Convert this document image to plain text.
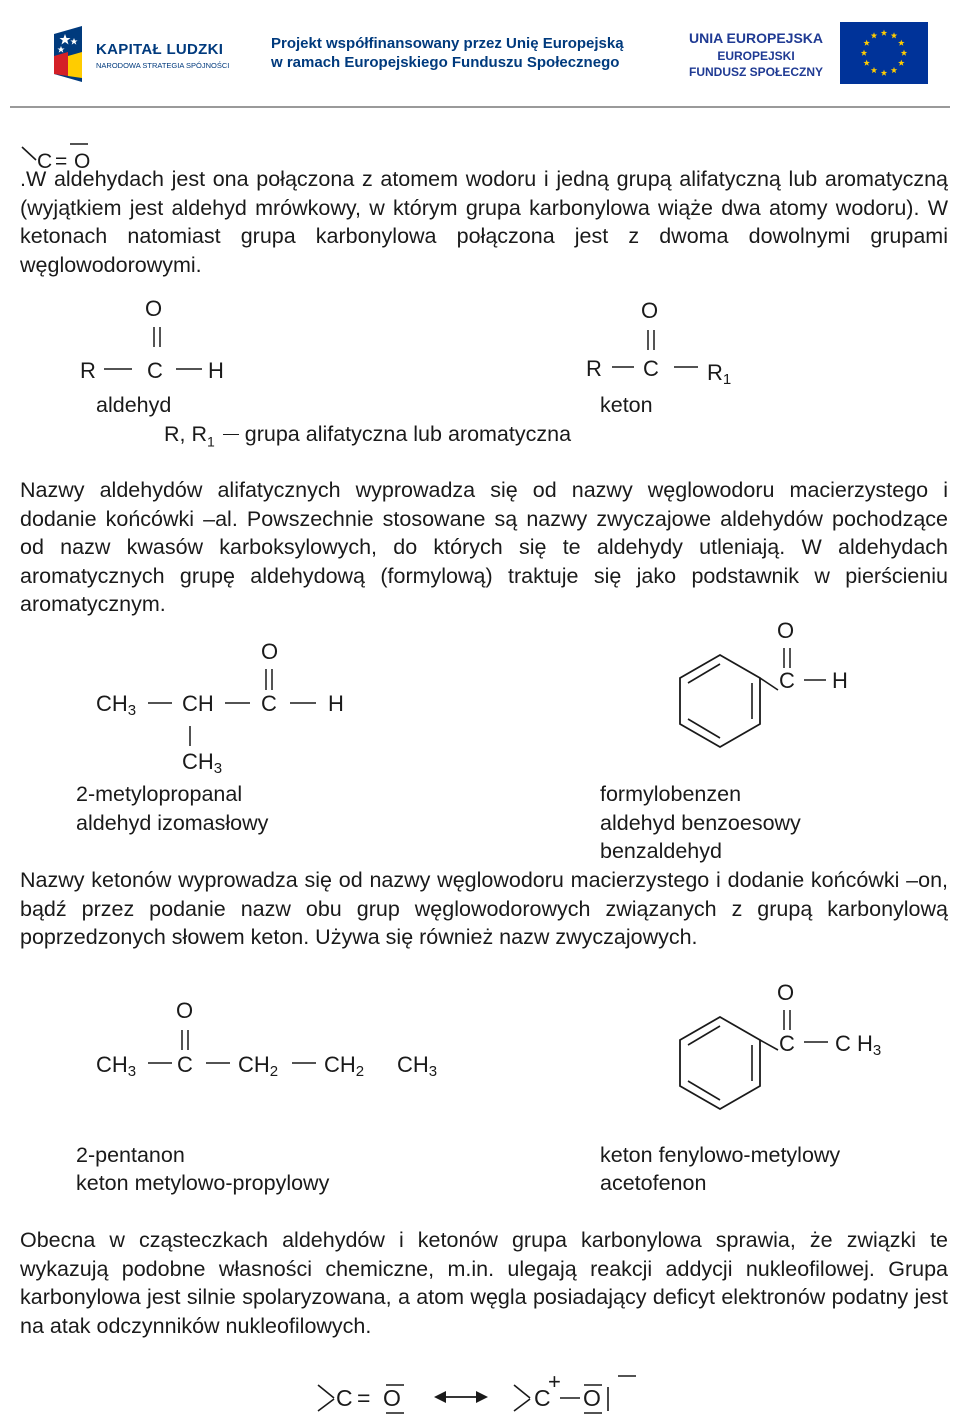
KAPITAŁ LUDZKI
NARODOWA STRATEGIA SPÓJNOŚCI
Projekt współfinansowany przez Unię Europejską
w ramach Europejskiego Funduszu Społecznego
UNIA EUROPEJSKA
EUROPEJSKI
FUNDUSZ SPOŁECZNY
C = O

.W aldehydach jest ona połączona z atomem wodoru i jedną grupą alifatyczną lub aromatyczną (wyjątkiem jest aldehyd mrówkowy, w którym grupa karbonylowa wiąże dwa atomy wodoru). W ketonach natomiast grupa karbonylowa połączona jest z dwoma dowolnymi grupami węglowodorowymi.

O
R C H
aldehyd
O
R C $R_1$
keton
R, $R_1$ grupa alifatyczna lub aromatyczna

Nazwy aldehydów alifatycznych wyprowadza się od nazwy węglowodoru macierzystego i dodanie końcówki –al. Powszechnie stosowane są nazwy zwyczajowe aldehydów pochodzące od nazw kwasów karboksylowych, do których się te aldehydy utleniają. W aldehydach aromatycznych grupę aldehydową (formylową) traktuje się jako podstawnik w pierścieniu aromatycznym.

O
$CH_3$ CH C H
$CH_3$
2-metylopropanal
aldehyd izomasłowy
O
C H
formylobenzen
aldehyd benzoesowy
benzaldehyd

Nazwy ketonów wyprowadza się od nazwy węglowodoru macierzystego i dodanie końcówki –on, bądź przez podanie nazw obu grup węglowodorowych związanych z grupą karbonylową poprzedzonych słowem keton. Używa się również nazw zwyczajowych.

O
$CH_3$ C $CH_2$ $CH_2$ $CH_3$
2-pentanon
keton metylowo-propylowy
O
C C $H_3$
keton fenylowo-metylowy
acetofenon

Obecna w cząsteczkach aldehydów i ketonów grupa karbonylowa sprawia, że związki te wykazują podobne własności chemiczne, m.in. ulegają reakcji addycji nukleofilowej. Grupa karbonylowa jest silnie spolaryzowana, a atom węgla posiadający deficyt elektronów podatny jest na atak odczynników nukleofilowych.

C = O	C
+
O
